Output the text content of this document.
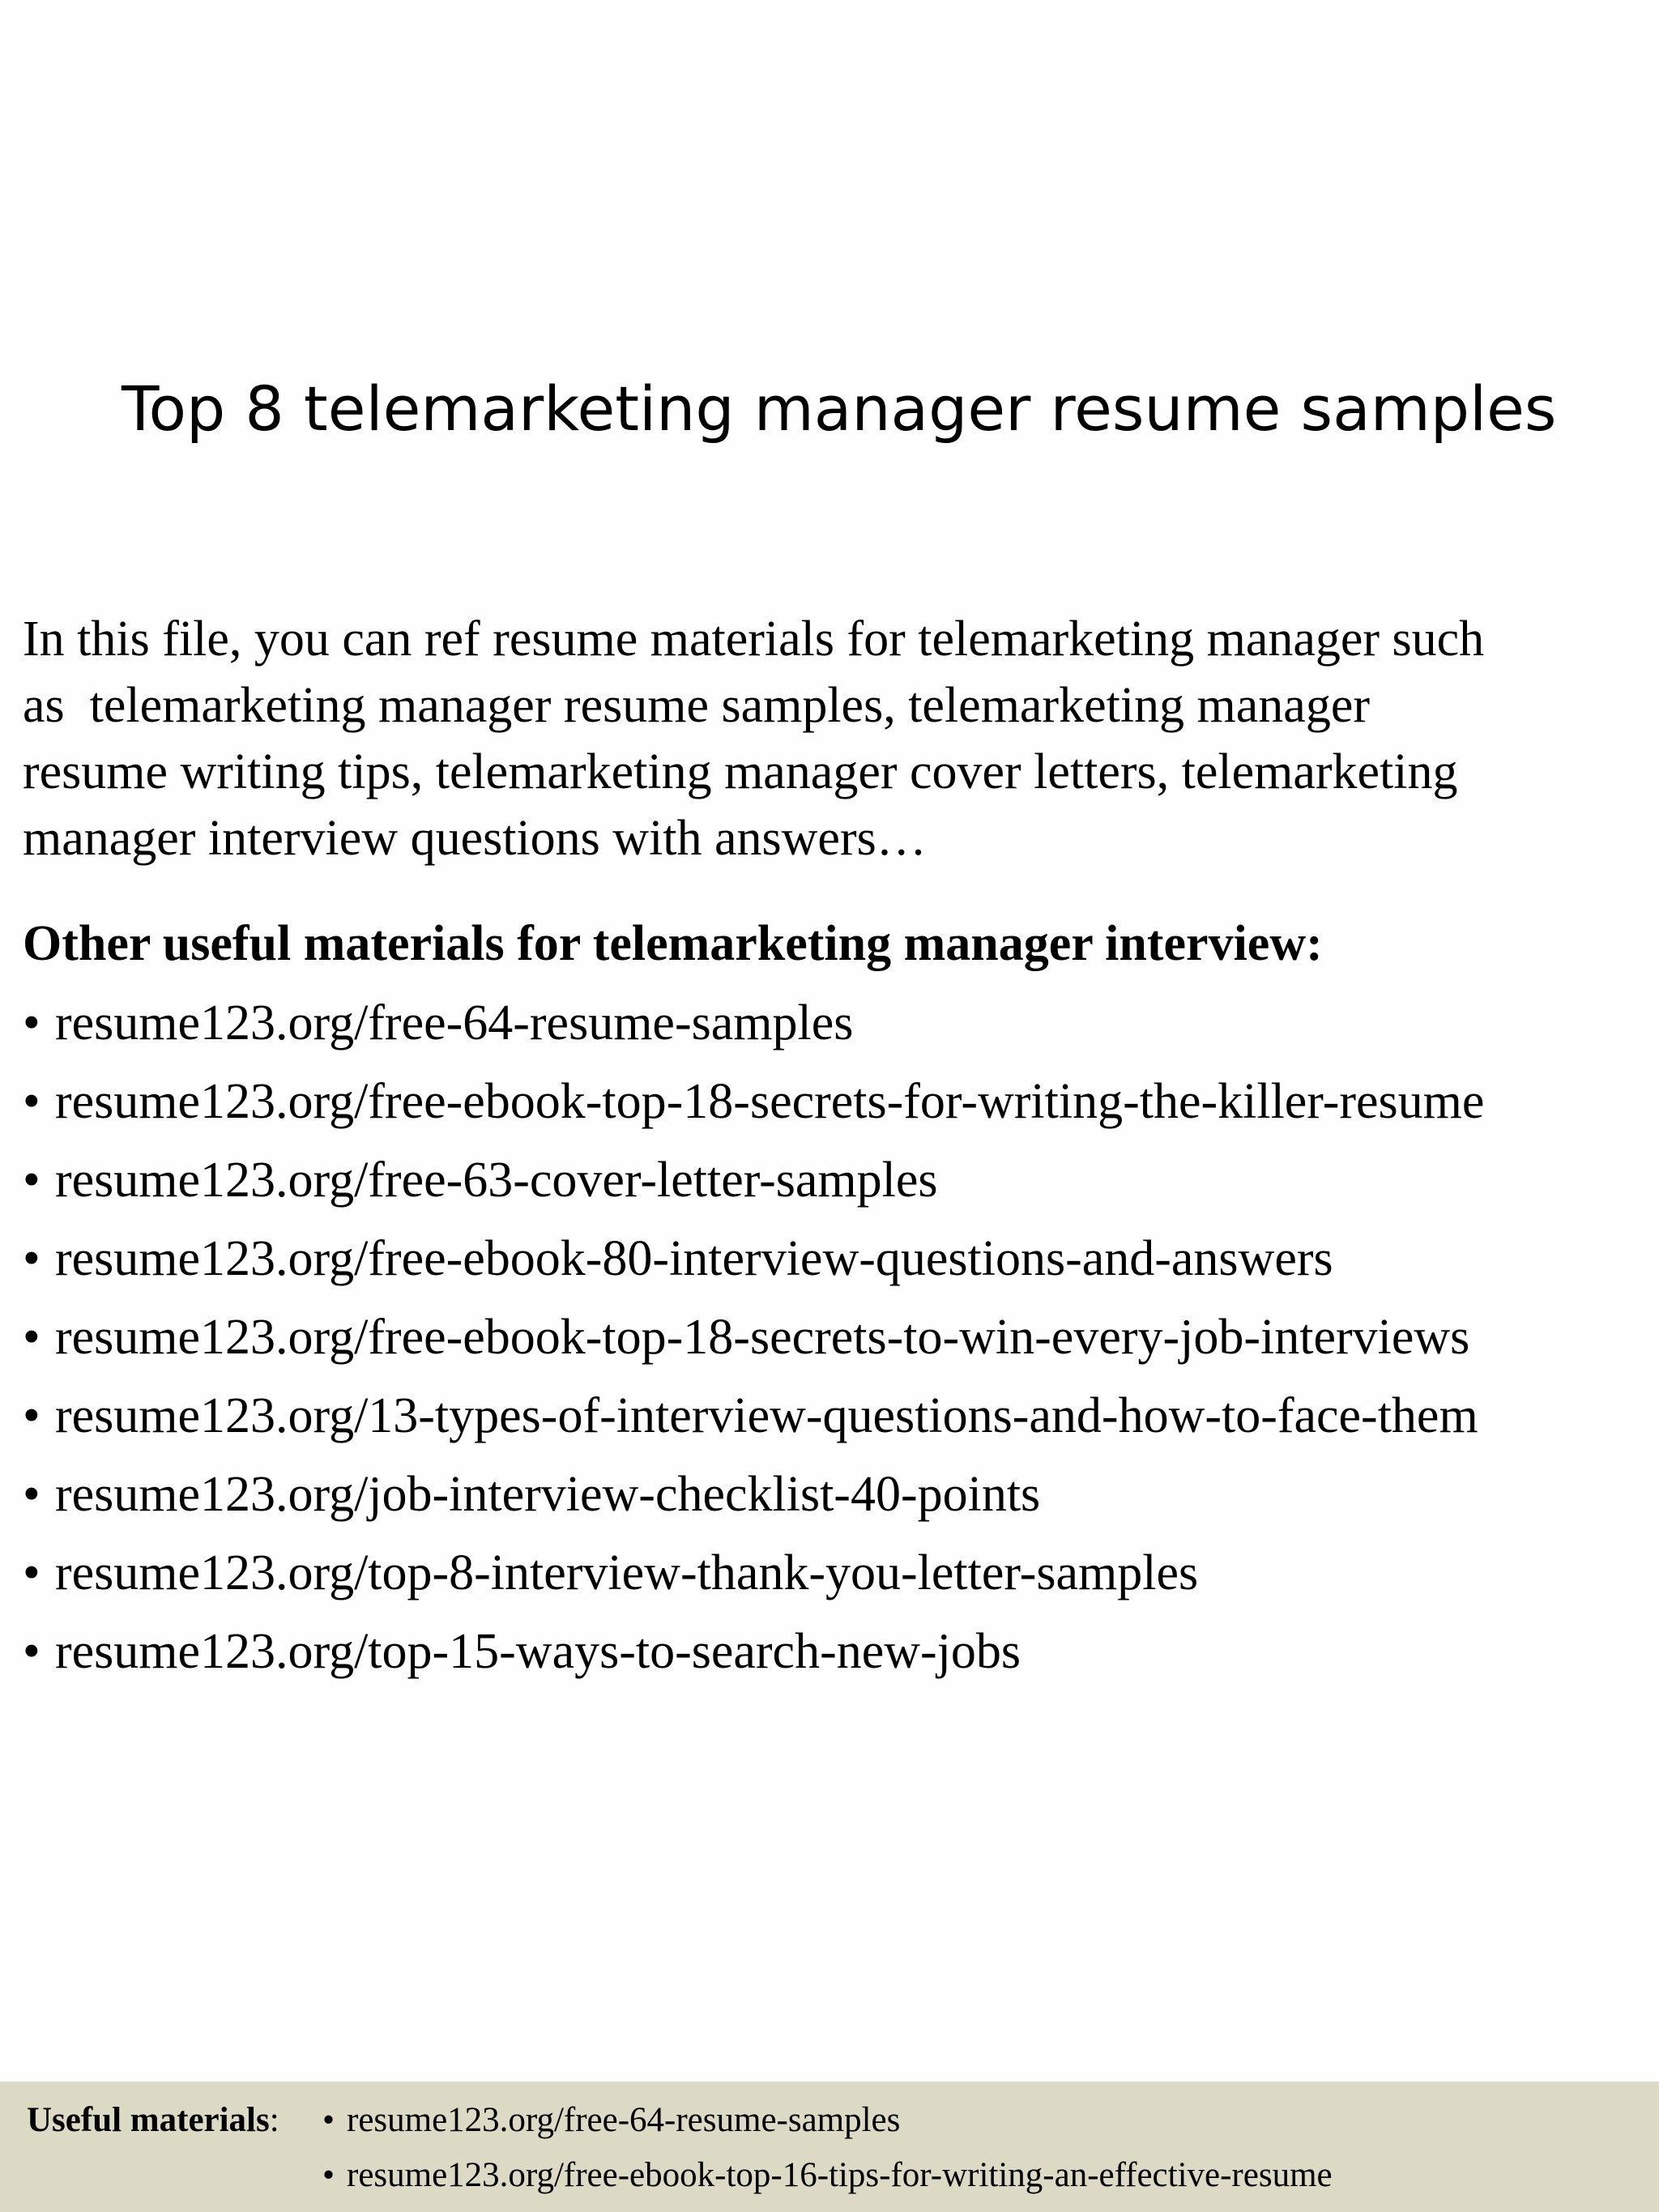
Top 8 telemarketing manager resume samples

In this file, you can ref resume materials for telemarketing manager such
as  telemarketing manager resume samples, telemarketing manager
resume writing tips, telemarketing manager cover letters, telemarketing
manager interview questions with answers…

Other useful materials for telemarketing manager interview:
• resume123.org/free-64-resume-samples
• resume123.org/free-ebook-top-18-secrets-for-writing-the-killer-resume
• resume123.org/free-63-cover-letter-samples
• resume123.org/free-ebook-80-interview-questions-and-answers
• resume123.org/free-ebook-top-18-secrets-to-win-every-job-interviews
• resume123.org/13-types-of-interview-questions-and-how-to-face-them
• resume123.org/job-interview-checklist-40-points
• resume123.org/top-8-interview-thank-you-letter-samples
• resume123.org/top-15-ways-to-search-new-jobs
Useful materials: • resume123.org/free-64-resume-samples
• resume123.org/free-ebook-top-16-tips-for-writing-an-effective-resume
